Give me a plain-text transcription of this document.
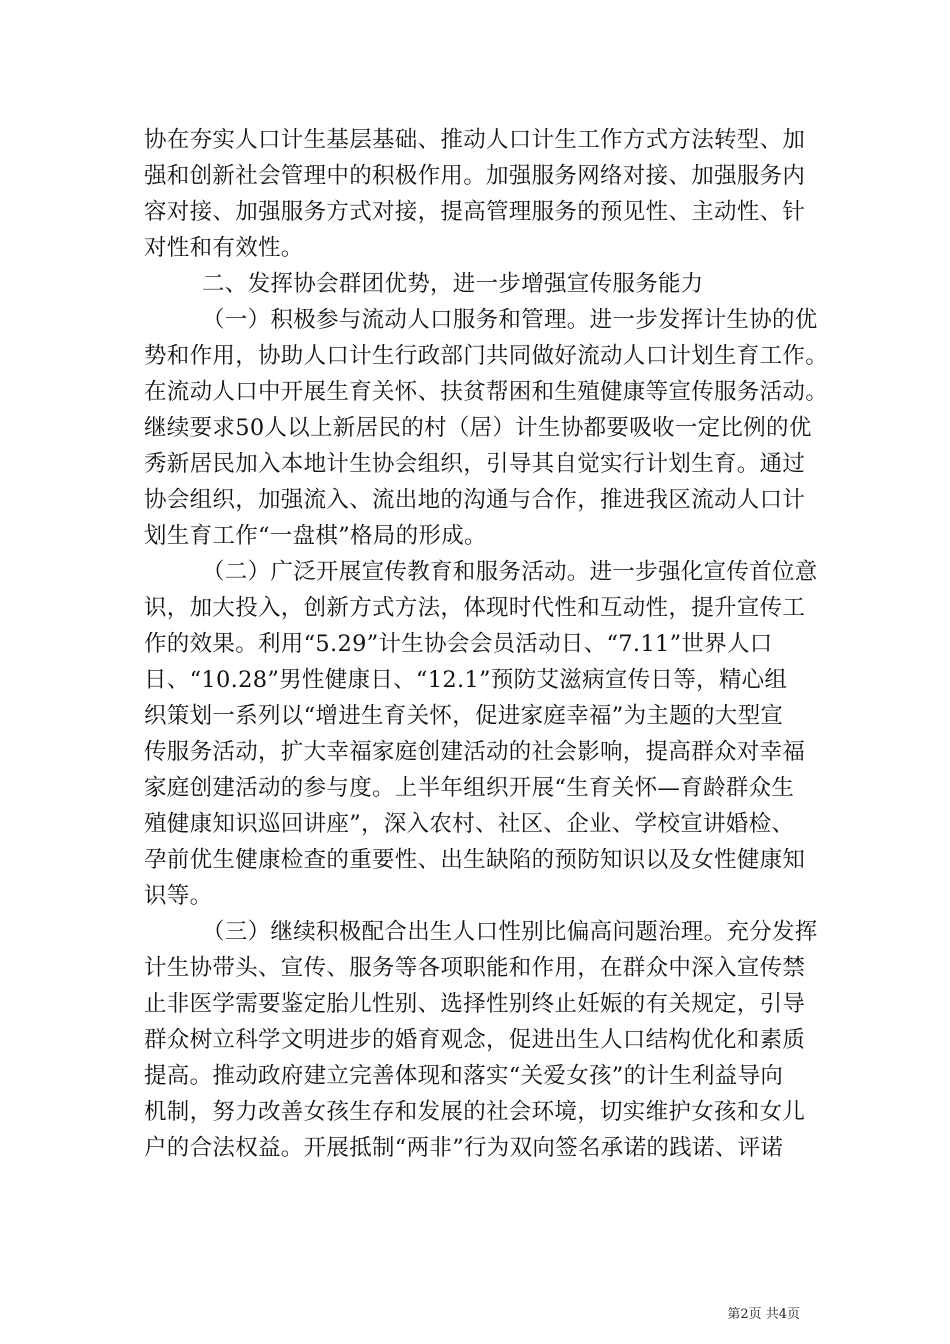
协在夯实人口计生基层基础、推动人口计生工作方式方法转型、加
强和创新社会管理中的积极作用。加强服务网络对接、加强服务内
容对接、加强服务方式对接，提高管理服务的预见性、主动性、针
对性和有效性。
二、发挥协会群团优势，进一步增强宣传服务能力
（一）积极参与流动人口服务和管理。进一步发挥计生协的优
势和作用，协助人口计生行政部门共同做好流动人口计划生育工作。
在流动人口中开展生育关怀、扶贫帮困和生殖健康等宣传服务活动。
继续要求50人以上新居民的村（居）计生协都要吸收一定比例的优
秀新居民加入本地计生协会组织，引导其自觉实行计划生育。通过
协会组织，加强流入、流出地的沟通与合作，推进我区流动人口计
划生育工作“一盘棋”格局的形成。
（二）广泛开展宣传教育和服务活动。进一步强化宣传首位意
识，加大投入，创新方式方法，体现时代性和互动性，提升宣传工
作的效果。利用“5.29”计生协会会员活动日、“7.11”世界人口
日、“10.28”男性健康日、“12.1”预防艾滋病宣传日等，精心组
织策划一系列以“增进生育关怀，促进家庭幸福”为主题的大型宣
传服务活动，扩大幸福家庭创建活动的社会影响，提高群众对幸福
家庭创建活动的参与度。上半年组织开展“生育关怀—育龄群众生
殖健康知识巡回讲座”，深入农村、社区、企业、学校宣讲婚检、
孕前优生健康检查的重要性、出生缺陷的预防知识以及女性健康知
识等。
（三）继续积极配合出生人口性别比偏高问题治理。充分发挥
计生协带头、宣传、服务等各项职能和作用，在群众中深入宣传禁
止非医学需要鉴定胎儿性别、选择性别终止妊娠的有关规定，引导
群众树立科学文明进步的婚育观念，促进出生人口结构优化和素质
提高。推动政府建立完善体现和落实“关爱女孩”的计生利益导向
机制，努力改善女孩生存和发展的社会环境，切实维护女孩和女儿
户的合法权益。开展抵制“两非”行为双向签名承诺的践诺、评诺
第2页 共4页
